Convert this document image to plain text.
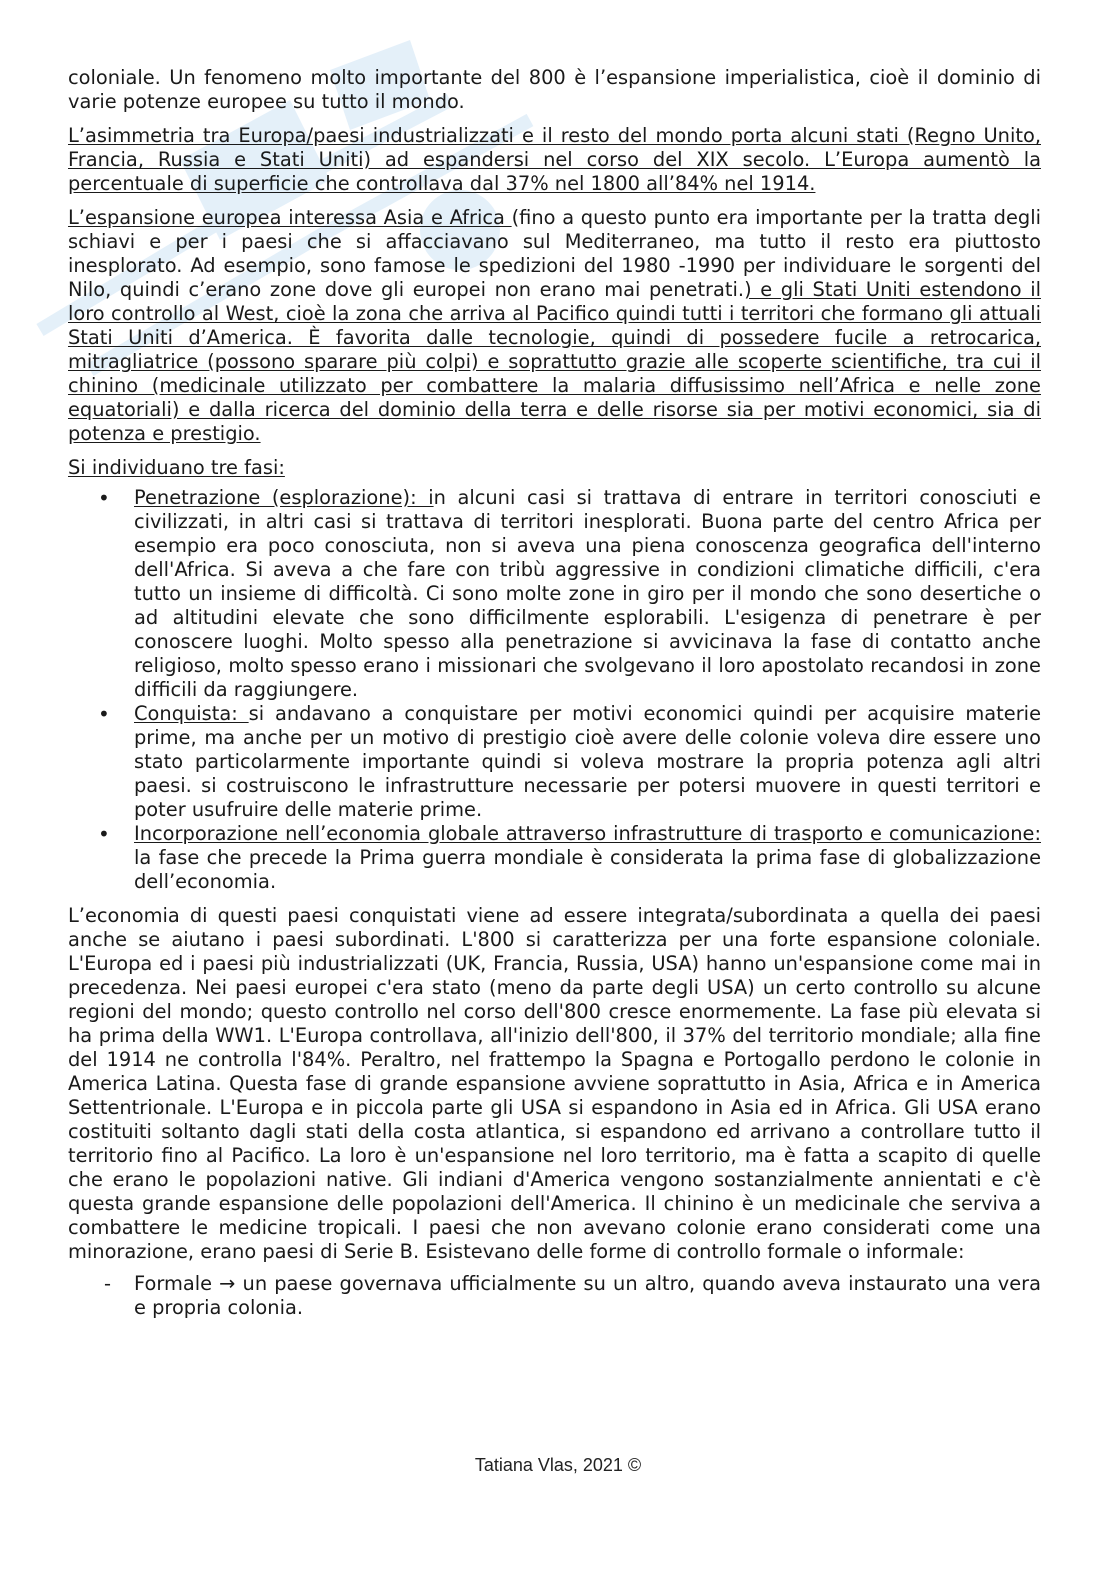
coloniale. Un fenomeno molto importante del 800 è l’espansione imperialistica, cioè il dominio di varie potenze europee su tutto il mondo.

L’asimmetria tra Europa/paesi industrializzati e il resto del mondo porta alcuni stati (Regno Unito, Francia, Russia e Stati Uniti) ad espandersi nel corso del XIX secolo. L’Europa aumentò la percentuale di superficie che controllava dal 37% nel 1800 all’84% nel 1914.

L’espansione europea interessa Asia e Africa (fino a questo punto era importante per la tratta degli schiavi e per i paesi che si affacciavano sul Mediterraneo, ma tutto il resto era piuttosto inesplorato. Ad esempio, sono famose le spedizioni del 1980 -1990 per individuare le sorgenti del Nilo, quindi c’erano zone dove gli europei non erano mai penetrati.) e gli Stati Uniti estendono il loro controllo al West, cioè la zona che arriva al Pacifico quindi tutti i territori che formano gli attuali Stati Uniti d’America. È favorita dalle tecnologie, quindi di possedere fucile a retrocarica, mitragliatrice (possono sparare più colpi) e soprattutto grazie alle scoperte scientifiche, tra cui il chinino (medicinale utilizzato per combattere la malaria diffusissimo nell’Africa e nelle zone equatoriali) e dalla ricerca del dominio della terra e delle risorse sia per motivi economici, sia di potenza e prestigio.

Si individuano tre fasi:

• Penetrazione (esplorazione): in alcuni casi si trattava di entrare in territori conosciuti e civilizzati, in altri casi si trattava di territori inesplorati. Buona parte del centro Africa per esempio era poco conosciuta, non si aveva una piena conoscenza geografica dell'interno dell'Africa. Si aveva a che fare con tribù aggressive in condizioni climatiche difficili, c'era tutto un insieme di difficoltà. Ci sono molte zone in giro per il mondo che sono desertiche o ad altitudini elevate che sono difficilmente esplorabili. L'esigenza di penetrare è per conoscere luoghi. Molto spesso alla penetrazione si avvicinava la fase di contatto anche religioso, molto spesso erano i missionari che svolgevano il loro apostolato recandosi in zone difficili da raggiungere.
• Conquista: si andavano a conquistare per motivi economici quindi per acquisire materie prime, ma anche per un motivo di prestigio cioè avere delle colonie voleva dire essere uno stato particolarmente importante quindi si voleva mostrare la propria potenza agli altri paesi. si costruiscono le infrastrutture necessarie per potersi muovere in questi territori e poter usufruire delle materie prime.
• Incorporazione nell’economia globale attraverso infrastrutture di trasporto e comunicazione: la fase che precede la Prima guerra mondiale è considerata la prima fase di globalizzazione dell’economia.

L’economia di questi paesi conquistati viene ad essere integrata/subordinata a quella dei paesi anche se aiutano i paesi subordinati. L'800 si caratterizza per una forte espansione coloniale. L'Europa ed i paesi più industrializzati (UK, Francia, Russia, USA) hanno un'espansione come mai in precedenza. Nei paesi europei c'era stato (meno da parte degli USA) un certo controllo su alcune regioni del mondo; questo controllo nel corso dell'800 cresce enormemente. La fase più elevata si ha prima della WW1. L'Europa controllava, all'inizio dell'800, il 37% del territorio mondiale; alla fine del 1914 ne controlla l'84%. Peraltro, nel frattempo la Spagna e Portogallo perdono le colonie in America Latina. Questa fase di grande espansione avviene soprattutto in Asia, Africa e in America Settentrionale. L'Europa e in piccola parte gli USA si espandono in Asia ed in Africa. Gli USA erano costituiti soltanto dagli stati della costa atlantica, si espandono ed arrivano a controllare tutto il territorio fino al Pacifico. La loro è un'espansione nel loro territorio, ma è fatta a scapito di quelle che erano le popolazioni native. Gli indiani d'America vengono sostanzialmente annientati e c'è questa grande espansione delle popolazioni dell'America. Il chinino è un medicinale che serviva a combattere le medicine tropicali. I paesi che non avevano colonie erano considerati come una minorazione, erano paesi di Serie B. Esistevano delle forme di controllo formale o informale:

- Formale → un paese governava ufficialmente su un altro, quando aveva instaurato una vera e propria colonia.
Tatiana Vlas, 2021 ©
